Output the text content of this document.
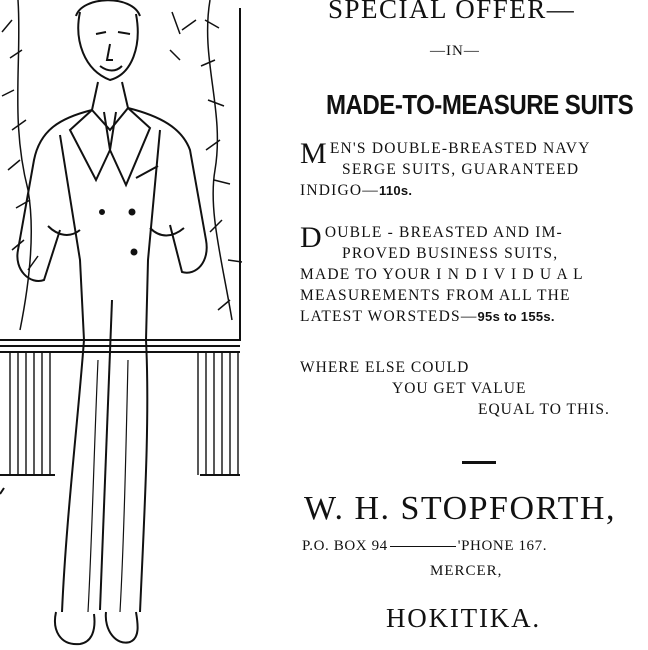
SPECIAL OFFER—

—IN—

MADE-TO-MEASURE SUITS

M EN'S DOUBLE-BREASTED NAVY
SERGE SUITS, GUARANTEED
INDIGO—110s.
D OUBLE - BREASTED AND IM-
PROVED BUSINESS SUITS,
MADE TO YOUR I N D I V I D U A L
MEASUREMENTS FROM ALL THE
LATEST WORSTEDS—95s to 155s.
WHERE ELSE COULD
YOU GET VALUE
EQUAL TO THIS.

W. H. STOPFORTH,

P.O. BOX 94	'PHONE 167.

MERCER,

HOKITIKA.
